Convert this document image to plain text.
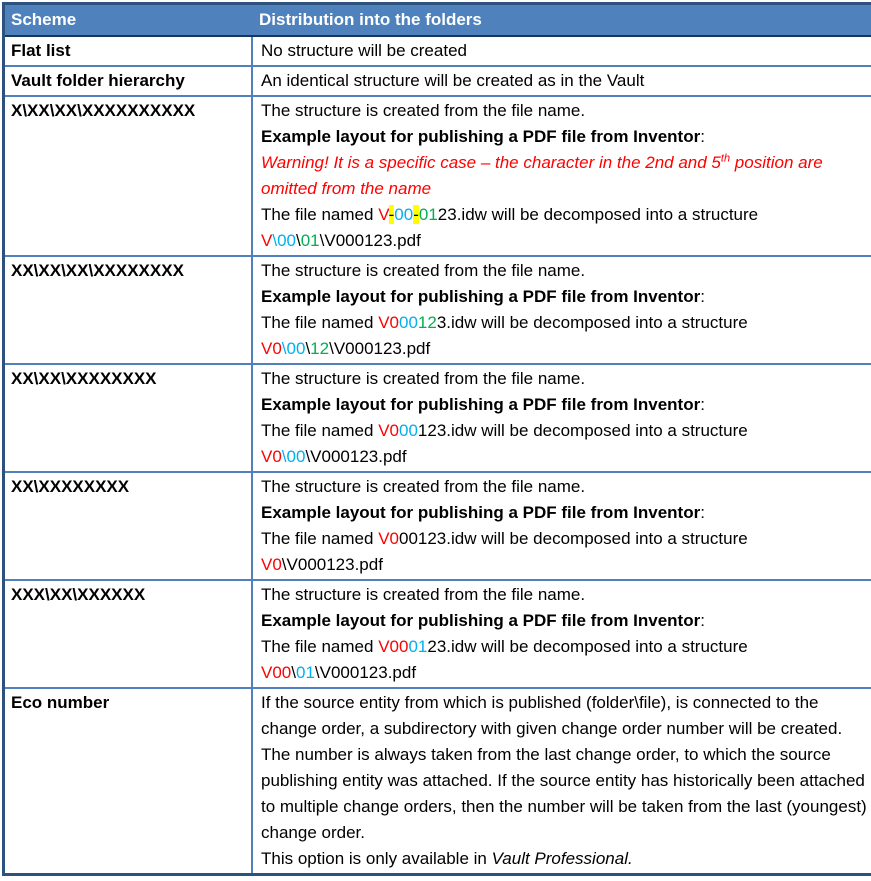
Scheme	Distribution into the folders
Flat list	No structure will be created

Vault folder hierarchy	An identical structure will be created as in the Vault

X\XX\XX\XXXXXXXXXX	The structure is created from the file name.
Example layout for publishing a PDF file from Inventor:
Warning! It is a specific case – the character in the 2nd and 5th position are omitted from the name
The file named V-00-0123.idw will be decomposed into a structure
V\00\01\V000123.pdf

XX\XX\XX\XXXXXXXX	The structure is created from the file name.
Example layout for publishing a PDF file from Inventor:
The file named V000123.idw will be decomposed into a structure
V0\00\12\V000123.pdf

XX\XX\XXXXXXXX	The structure is created from the file name.
Example layout for publishing a PDF file from Inventor:
The file named V000123.idw will be decomposed into a structure
V0\00\V000123.pdf

XX\XXXXXXXX	The structure is created from the file name.
Example layout for publishing a PDF file from Inventor:
The file named V000123.idw will be decomposed into a structure
V0\V000123.pdf

XXX\XX\XXXXXX	The structure is created from the file name.
Example layout for publishing a PDF file from Inventor:
The file named V000123.idw will be decomposed into a structure
V00\01\V000123.pdf

Eco number	If the source entity from which is published (folder\file), is connected to the change order, a subdirectory with given change order number will be created.
The number is always taken from the last change order, to which the source publishing entity was attached. If the source entity has historically been attached to multiple change orders, then the number will be taken from the last (youngest) change order.
This option is only available in Vault Professional.
